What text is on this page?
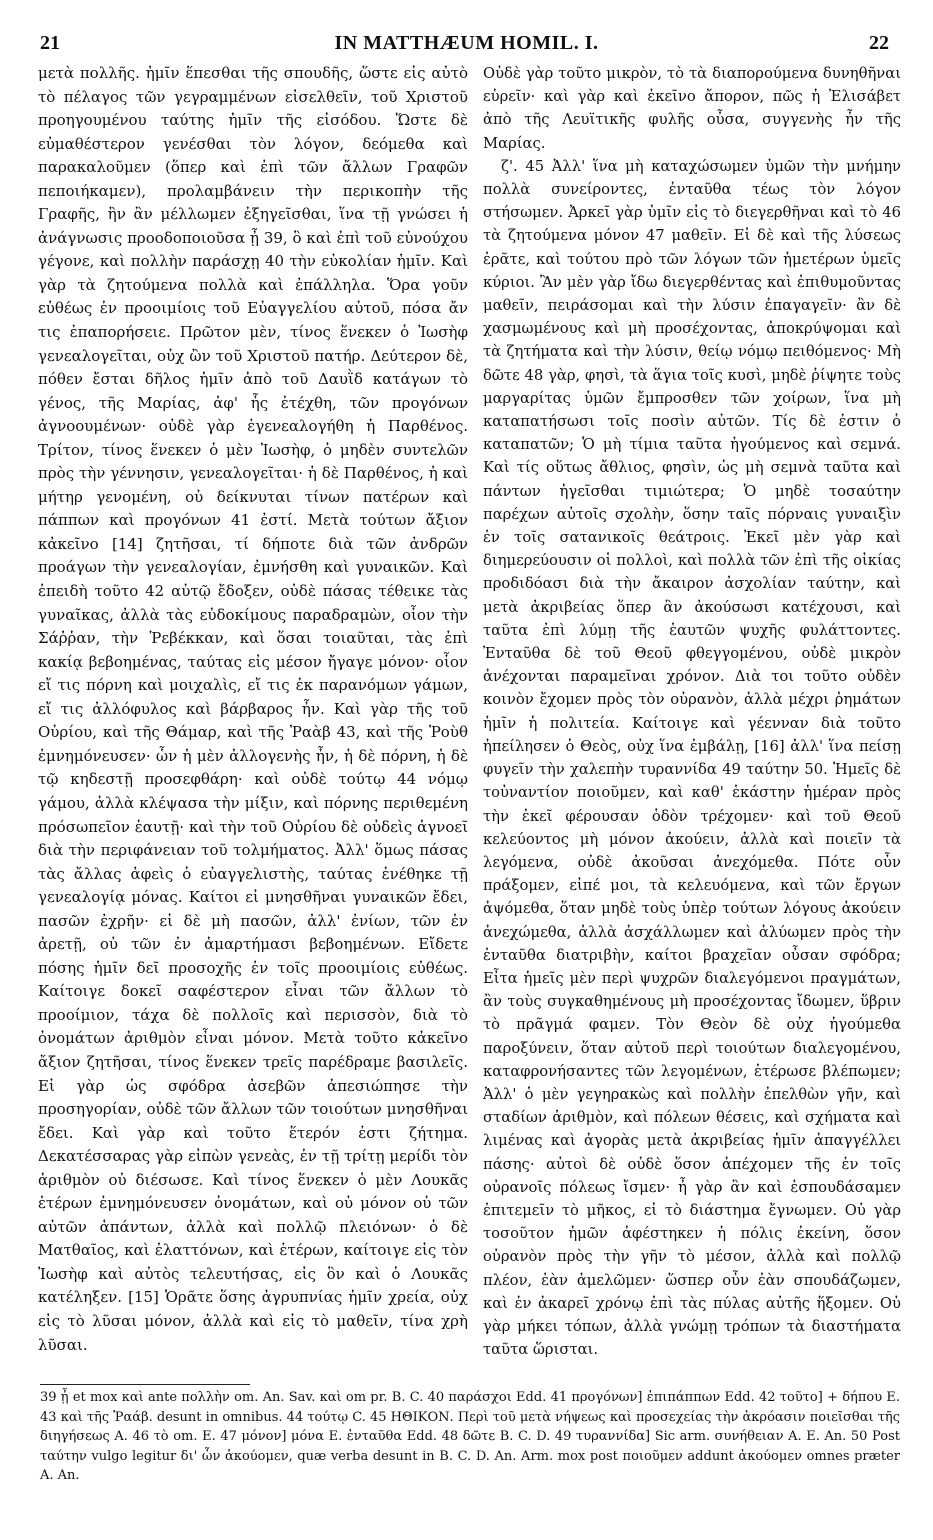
21	IN MATTHÆUM HOMIL. I.	22

μετὰ πολλῆς. ἡμῖν ἕπεσθαι τῆς σπουδῆς, ὥστε εἰς αὐτὸ τὸ πέλαγος τῶν γεγραμμένων εἰσελθεῖν, τοῦ Χριστοῦ προηγουμένου ταύτης ἡμῖν τῆς εἰσόδου. Ὥστε δὲ εὐμαθέστερον γενέσθαι τὸν λόγον, δεόμεθα καὶ παρακαλοῦμεν (ὅπερ καὶ ἐπὶ τῶν ἄλλων Γραφῶν πεποιήκαμεν), προλαμβάνειν τὴν περικοπὴν τῆς Γραφῆς, ἣν ἂν μέλλωμεν ἐξηγεῖσθαι, ἵνα τῇ γνώσει ἡ ἀνάγνωσις προοδοποιοῦσα ᾖ 39, ὃ καὶ ἐπὶ τοῦ εὐνούχου γέγονε, καὶ πολλὴν παράσχῃ 40 τὴν εὐκολίαν ἡμῖν. Καὶ γὰρ τὰ ζητούμενα πολλὰ καὶ ἐπάλληλα. Ὅρα γοῦν εὐθέως ἐν προοιμίοις τοῦ Εὐαγγελίου αὐτοῦ, πόσα ἄν τις ἐπαπορήσειε. Πρῶτον μὲν, τίνος ἕνεκεν ὁ Ἰωσὴφ γενεαλογεῖται, οὐχ ὢν τοῦ Χριστοῦ πατήρ. Δεύτερον δὲ, πόθεν ἔσται δῆλος ἡμῖν ἀπὸ τοῦ Δαυῒδ κατάγων τὸ γένος, τῆς Μαρίας, ἀφ' ἧς ἐτέχθη, τῶν προγόνων ἀγνοουμένων· οὐδὲ γὰρ ἐγενεαλογήθη ἡ Παρθένος. Τρίτον, τίνος ἕνεκεν ὁ μὲν Ἰωσὴφ, ὁ μηδὲν συντελῶν πρὸς τὴν γέννησιν, γενεαλογεῖται· ἡ δὲ Παρθένος, ἡ καὶ μήτηρ γενομένη, οὐ δείκνυται τίνων πατέρων καὶ πάππων καὶ προγόνων 41 ἐστί. Μετὰ τούτων ἄξιον κἀκεῖνο [14] ζητῆσαι, τί δήποτε διὰ τῶν ἀνδρῶν προάγων τὴν γενεαλογίαν, ἐμνήσθη καὶ γυναικῶν. Καὶ ἐπειδὴ τοῦτο 42 αὐτῷ ἔδοξεν, οὐδὲ πάσας τέθεικε τὰς γυναῖκας, ἀλλὰ τὰς εὐδοκίμους παραδραμὼν, οἷον τὴν Σάῤῥαν, τὴν Ῥεβέκκαν, καὶ ὅσαι τοιαῦται, τὰς ἐπὶ κακίᾳ βεβοημένας, ταύτας εἰς μέσον ἤγαγε μόνον· οἷον εἴ τις πόρνη καὶ μοιχαλὶς, εἴ τις ἐκ παρανόμων γάμων, εἴ τις ἀλλόφυλος καὶ βάρβαρος ἦν. Καὶ γὰρ τῆς τοῦ Οὐρίου, καὶ τῆς Θάμαρ, καὶ τῆς Ῥαὰβ 43, καὶ τῆς Ῥοὺθ ἐμνημόνευσεν· ὧν ἡ μὲν ἀλλογενὴς ἦν, ἡ δὲ πόρνη, ἡ δὲ τῷ κηδεστῇ προσεφθάρη· καὶ οὐδὲ τούτῳ 44 νόμῳ γάμου, ἀλλὰ κλέψασα τὴν μίξιν, καὶ πόρνης περιθεμένη πρόσωπεῖον ἑαυτῇ· καὶ τὴν τοῦ Οὐρίου δὲ οὐδεὶς ἀγνοεῖ διὰ τὴν περιφάνειαν τοῦ τολμήματος. Ἀλλ' ὅμως πάσας τὰς ἄλλας ἀφεὶς ὁ εὐαγγελιστὴς, ταύτας ἐνέθηκε τῇ γενεαλογίᾳ μόνας. Καίτοι εἰ μνησθῆναι γυναικῶν ἔδει, πασῶν ἐχρῆν· εἰ δὲ μὴ πασῶν, ἀλλ' ἐνίων, τῶν ἐν ἀρετῇ, οὐ τῶν ἐν ἁμαρτήμασι βεβοημένων. Εἴδετε πόσης ἡμῖν δεῖ προσοχῆς ἐν τοῖς προοιμίοις εὐθέως. Καίτοιγε δοκεῖ σαφέστερον εἶναι τῶν ἄλλων τὸ προοίμιον, τάχα δὲ πολλοῖς καὶ περισσὸν, διὰ τὸ ὀνομάτων ἀριθμὸν εἶναι μόνον. Μετὰ τοῦτο κἀκεῖνο ἄξιον ζητῆσαι, τίνος ἕνεκεν τρεῖς παρέδραμε βασιλεῖς. Εἰ γὰρ ὡς σφόδρα ἀσεβῶν ἀπεσιώπησε τὴν προσηγορίαν, οὐδὲ τῶν ἄλλων τῶν τοιούτων μνησθῆναι ἔδει. Καὶ γὰρ καὶ τοῦτο ἕτερόν ἐστι ζήτημα. Δεκατέσσαρας γὰρ εἰπὼν γενεὰς, ἐν τῇ τρίτῃ μερίδι τὸν ἀριθμὸν οὐ διέσωσε. Καὶ τίνος ἕνεκεν ὁ μὲν Λουκᾶς ἑτέρων ἐμνημόνευσεν ὀνομάτων, καὶ οὐ μόνον οὐ τῶν αὐτῶν ἁπάντων, ἀλλὰ καὶ πολλῷ πλειόνων· ὁ δὲ Ματθαῖος, καὶ ἐλαττόνων, καὶ ἑτέρων, καίτοιγε εἰς τὸν Ἰωσὴφ καὶ αὐτὸς τελευτήσας, εἰς ὃν καὶ ὁ Λουκᾶς κατέληξεν. [15] Ὁρᾶτε ὅσης ἀγρυπνίας ἡμῖν χρεία, οὐχ εἰς τὸ λῦσαι μόνον, ἀλλὰ καὶ εἰς τὸ μαθεῖν, τίνα χρὴ λῦσαι.

Οὐδὲ γὰρ τοῦτο μικρὸν, τὸ τὰ διαπορούμενα δυνηθῆναι εὑρεῖν· καὶ γὰρ καὶ ἐκεῖνο ἄπορον, πῶς ἡ Ἐλισάβετ ἀπὸ τῆς Λευϊτικῆς φυλῆς οὖσα, συγγενὴς ἦν τῆς Μαρίας.

ζ'. 45 Ἀλλ' ἵνα μὴ καταχώσωμεν ὑμῶν τὴν μνήμην πολλὰ συνείροντες, ἐνταῦθα τέως τὸν λόγον στήσωμεν. Ἀρκεῖ γὰρ ὑμῖν εἰς τὸ διεγερθῆναι καὶ τὸ 46 τὰ ζητούμενα μόνον 47 μαθεῖν. Εἰ δὲ καὶ τῆς λύσεως ἐρᾶτε, καὶ τούτου πρὸ τῶν λόγων τῶν ἡμετέρων ὑμεῖς κύριοι. Ἂν μὲν γὰρ ἴδω διεγερθέντας καὶ ἐπιθυμοῦντας μαθεῖν, πειράσομαι καὶ τὴν λύσιν ἐπαγαγεῖν· ἂν δὲ χασμωμένους καὶ μὴ προσέχοντας, ἀποκρύψομαι καὶ τὰ ζητήματα καὶ τὴν λύσιν, θείῳ νόμῳ πειθόμενος· Μὴ δῶτε 48 γὰρ, φησὶ, τὰ ἅγια τοῖς κυσὶ, μηδὲ ῥίψητε τοὺς μαργαρίτας ὑμῶν ἔμπροσθεν τῶν χοίρων, ἵνα μὴ καταπατήσωσι τοῖς ποσὶν αὐτῶν. Τίς δὲ ἐστιν ὁ καταπατῶν; Ὁ μὴ τίμια ταῦτα ἡγούμενος καὶ σεμνά. Καὶ τίς οὕτως ἄθλιος, φησὶν, ὡς μὴ σεμνὰ ταῦτα καὶ πάντων ἡγεῖσθαι τιμιώτερα; Ὁ μηδὲ τοσαύτην παρέχων αὐτοῖς σχολὴν, ὅσην ταῖς πόρναις γυναιξὶν ἐν τοῖς σατανικοῖς θεάτροις. Ἐκεῖ μὲν γὰρ καὶ διημερεύουσιν οἱ πολλοὶ, καὶ πολλὰ τῶν ἐπὶ τῆς οἰκίας προδιδόασι διὰ τὴν ἄκαιρον ἀσχολίαν ταύτην, καὶ μετὰ ἀκριβείας ὅπερ ἂν ἀκούσωσι κατέχουσι, καὶ ταῦτα ἐπὶ λύμῃ τῆς ἑαυτῶν ψυχῆς φυλάττοντες. Ἐνταῦθα δὲ τοῦ Θεοῦ φθεγγομένου, οὐδὲ μικρὸν ἀνέχονται παραμεῖναι χρόνον. Διὰ τοι τοῦτο οὐδὲν κοινὸν ἔχομεν πρὸς τὸν οὐρανὸν, ἀλλὰ μέχρι ῥημάτων ἡμῖν ἡ πολιτεία. Καίτοιγε καὶ γέενναν διὰ τοῦτο ἠπείλησεν ὁ Θεὸς, οὐχ ἵνα ἐμβάλῃ, [16] ἀλλ' ἵνα πείσῃ φυγεῖν τὴν χαλεπὴν τυραννίδα 49 ταύτην 50. Ἡμεῖς δὲ τοὐναντίον ποιοῦμεν, καὶ καθ' ἑκάστην ἡμέραν πρὸς τὴν ἐκεῖ φέρουσαν ὁδὸν τρέχομεν· καὶ τοῦ Θεοῦ κελεύοντος μὴ μόνον ἀκούειν, ἀλλὰ καὶ ποιεῖν τὰ λεγόμενα, οὐδὲ ἀκοῦσαι ἀνεχόμεθα. Πότε οὖν πράξομεν, εἰπέ μοι, τὰ κελευόμενα, καὶ τῶν ἔργων ἀψόμεθα, ὅταν μηδὲ τοὺς ὑπὲρ τούτων λόγους ἀκούειν ἀνεχώμεθα, ἀλλὰ ἀσχάλλωμεν καὶ ἀλύωμεν πρὸς τὴν ἐνταῦθα διατριβὴν, καίτοι βραχεῖαν οὖσαν σφόδρα; Εἶτα ἡμεῖς μὲν περὶ ψυχρῶν διαλεγόμενοι πραγμάτων, ἂν τοὺς συγκαθημένους μὴ προσέχοντας ἴδωμεν, ὕβριν τὸ πρᾶγμά φαμεν. Τὸν Θεὸν δὲ οὐχ ἡγούμεθα παροξύνειν, ὅταν αὐτοῦ περὶ τοιούτων διαλεγομένου, καταφρονήσαντες τῶν λεγομένων, ἑτέρωσε βλέπωμεν; Ἀλλ' ὁ μὲν γεγηρακὼς καὶ πολλὴν ἐπελθὼν γῆν, καὶ σταδίων ἀριθμὸν, καὶ πόλεων θέσεις, καὶ σχήματα καὶ λιμένας καὶ ἀγορὰς μετὰ ἀκριβείας ἡμῖν ἀπαγγέλλει πάσης· αὐτοὶ δὲ οὐδὲ ὅσον ἀπέχομεν τῆς ἐν τοῖς οὐρανοῖς πόλεως ἴσμεν· ἦ γὰρ ἂν καὶ ἐσπουδάσαμεν ἐπιτεμεῖν τὸ μῆκος, εἰ τὸ διάστημα ἔγνωμεν. Οὐ γὰρ τοσοῦτον ἡμῶν ἀφέστηκεν ἡ πόλις ἐκείνη, ὅσον οὐρανὸν πρὸς τὴν γῆν τὸ μέσον, ἀλλὰ καὶ πολλῷ πλέον, ἐὰν ἀμελῶμεν· ὥσπερ οὖν ἐὰν σπουδάζωμεν, καὶ ἐν ἀκαρεῖ χρόνῳ ἐπὶ τὰς πύλας αὐτῆς ἥξομεν. Οὐ γὰρ μήκει τόπων, ἀλλὰ γνώμῃ τρόπων τὰ διαστήματα ταῦτα ὥρισται.

39 ᾖ et mox καὶ ante πολλὴν om. An. Sav. καὶ om pr. B. C. 40 παράσχοι Edd. 41 προγόνων] ἐπιπάππων Edd. 42 τοῦτο] + δήπου E. 43 καὶ τῆς Ῥαάβ. desunt in omnibus. 44 τούτῳ C. 45 ΗΘΙΚΟΝ. Περὶ τοῦ μετὰ νήψεως καὶ προσεχείας τὴν ἀκρόασιν ποιεῖσθαι τῆς διηγήσεως A. 46 τὸ om. E. 47 μόνον] μόνα E. ἐνταῦθα Edd. 48 δῶτε B. C. D. 49 τυραννίδα] Sic arm. συνήθειαν A. E. An. 50 Post ταύτην vulgo legitur δι' ὧν ἀκούομεν, quæ verba desunt in B. C. D. An. Arm. mox post ποιοῦμεν addunt ἀκούομεν omnes præter A. An.
